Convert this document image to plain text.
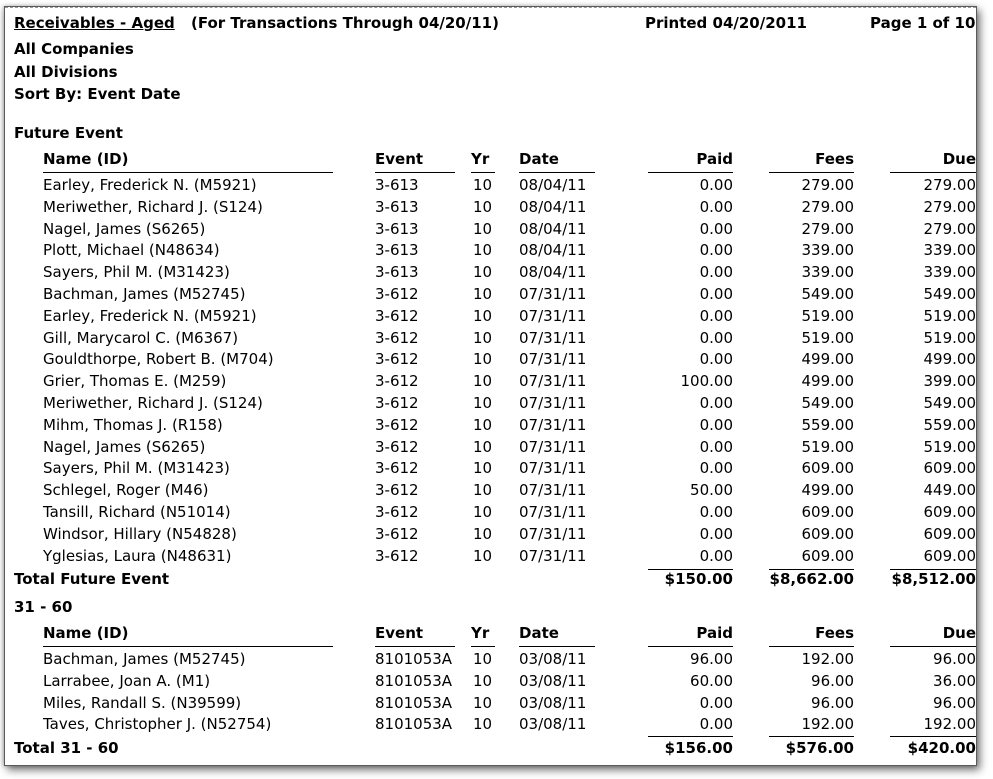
Receivables - Aged (For Transactions Through 04/20/11)	Printed 04/20/2011	Page 1 of 10
All Companies
All Divisions
Sort By: Event Date
Future Event
Name (ID)	Event	Yr Date	Paid	Fees	Due
Earley, Frederick N. (M5921)	3-613	10 08/04/11	0.00	279.00	279.00
Meriwether, Richard J. (S124)	3-613	10 08/04/11	0.00	279.00	279.00
Nagel, James (S6265)	3-613	10 08/04/11	0.00	279.00	279.00
Plott, Michael (N48634)	3-613	10 08/04/11	0.00	339.00	339.00
Sayers, Phil M. (M31423)	3-613	10 08/04/11	0.00	339.00	339.00
Bachman, James (M52745)	3-612	10 07/31/11	0.00	549.00	549.00
Earley, Frederick N. (M5921)	3-612	10 07/31/11	0.00	519.00	519.00
Gill, Marycarol C. (M6367)	3-612	10 07/31/11	0.00	519.00	519.00
Gouldthorpe, Robert B. (M704)	3-612	10 07/31/11	0.00	499.00	499.00
Grier, Thomas E. (M259)	3-612	10 07/31/11	100.00	499.00	399.00
Meriwether, Richard J. (S124)	3-612	10 07/31/11	0.00	549.00	549.00
Mihm, Thomas J. (R158)	3-612	10 07/31/11	0.00	559.00	559.00
Nagel, James (S6265)	3-612	10 07/31/11	0.00	519.00	519.00
Sayers, Phil M. (M31423)	3-612	10 07/31/11	0.00	609.00	609.00
Schlegel, Roger (M46)	3-612	10 07/31/11	50.00	499.00	449.00
Tansill, Richard (N51014)	3-612	10 07/31/11	0.00	609.00	609.00
Windsor, Hillary (N54828)	3-612	10 07/31/11	0.00	609.00	609.00
Yglesias, Laura (N48631)	3-612	10 07/31/11	0.00	609.00	609.00
Total Future Event	$150.00 $8,662.00	$8,512.00
31 - 60
Name (ID)	Event	Yr Date	Paid	Fees	Due
Bachman, James (M52745)	8101053A 10 03/08/11	96.00	192.00	96.00
Larrabee, Joan A. (M1)	8101053A 10 03/08/11	60.00	96.00	36.00
Miles, Randall S. (N39599)	8101053A 10 03/08/11	0.00	96.00	96.00
Taves, Christopher J. (N52754)	8101053A 10 03/08/11	0.00	192.00	192.00
Total 31 - 60	$156.00	$576.00	$420.00
